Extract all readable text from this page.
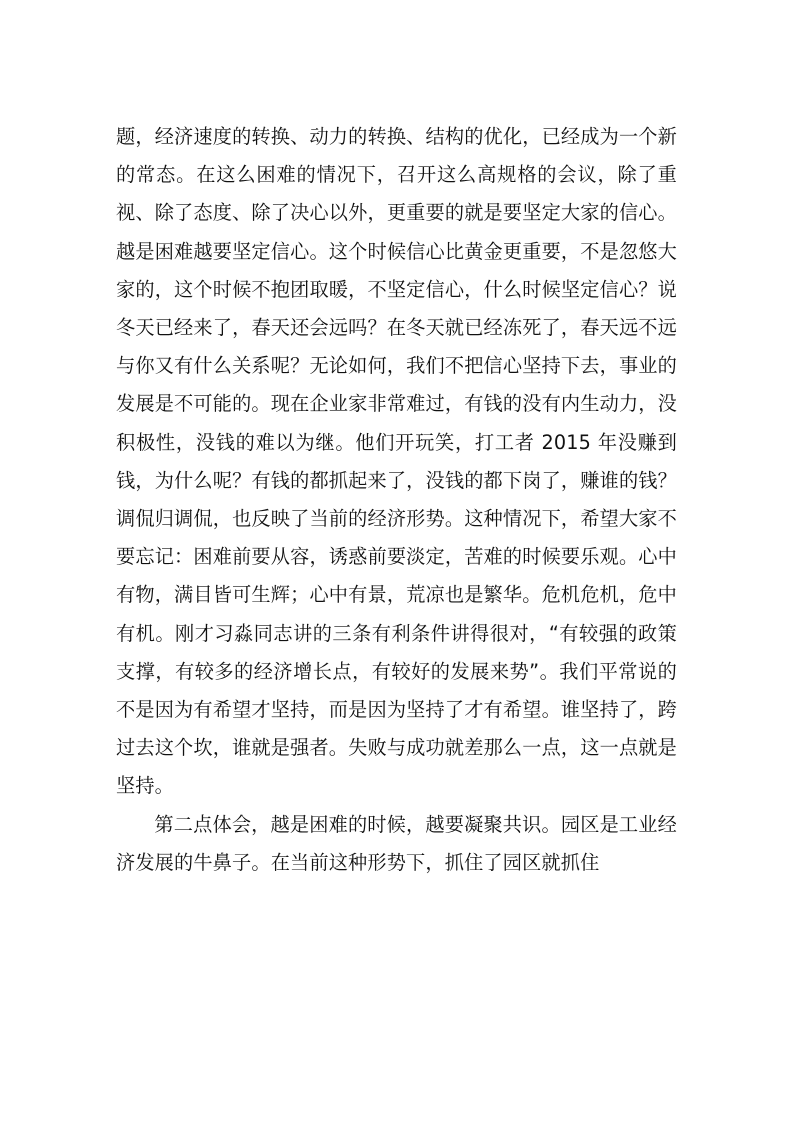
题，经济速度的转换、动力的转换、结构的优化，已经成为一个新的常态。在这么困难的情况下，召开这么高规格的会议，除了重视、除了态度、除了决心以外，更重要的就是要坚定大家的信心。越是困难越要坚定信心。这个时候信心比黄金更重要，不是忽悠大家的，这个时候不抱团取暖，不坚定信心，什么时候坚定信心？说冬天已经来了，春天还会远吗？在冬天就已经冻死了，春天远不远与你又有什么关系呢？无论如何，我们不把信心坚持下去，事业的发展是不可能的。现在企业家非常难过，有钱的没有内生动力，没积极性，没钱的难以为继。他们开玩笑，打工者 2015 年没赚到钱，为什么呢？有钱的都抓起来了，没钱的都下岗了，赚谁的钱？调侃归调侃，也反映了当前的经济形势。这种情况下，希望大家不要忘记：困难前要从容，诱惑前要淡定，苦难的时候要乐观。心中有物，满目皆可生辉；心中有景，荒凉也是繁华。危机危机，危中有机。刚才习淼同志讲的三条有利条件讲得很对，“有较强的政策支撑，有较多的经济增长点，有较好的发展来势”。我们平常说的不是因为有希望才坚持，而是因为坚持了才有希望。谁坚持了，跨过去这个坎，谁就是强者。失败与成功就差那么一点，这一点就是坚持。

第二点体会，越是困难的时候，越要凝聚共识。园区是工业经济发展的牛鼻子。在当前这种形势下，抓住了园区就抓住
